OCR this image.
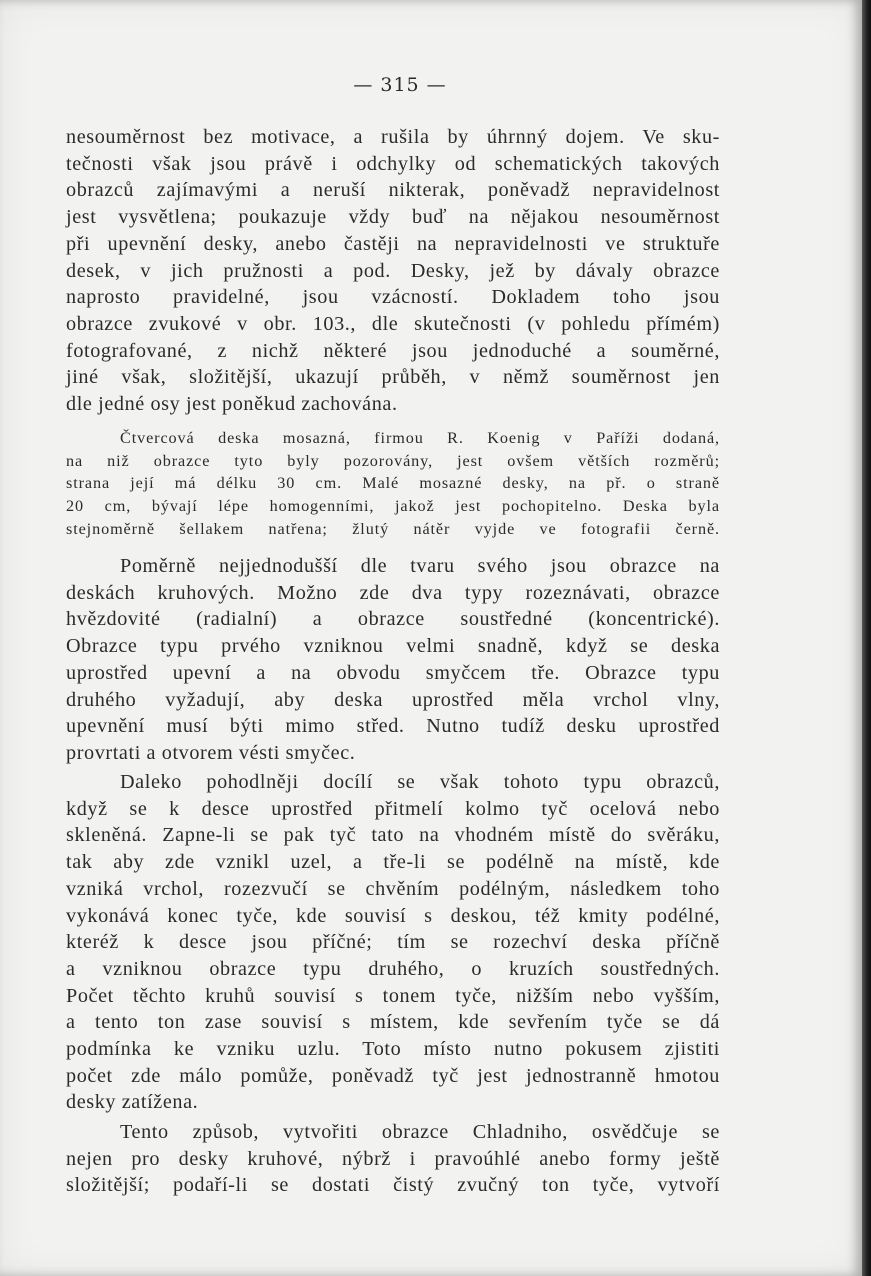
— 315 —
nesouměrnost bez motivace, a rušila by úhrnný dojem. Ve sku-
tečnosti však jsou právě i odchylky od schematických takových
obrazců zajímavými a neruší nikterak, poněvadž nepravidelnost
jest vysvětlena; poukazuje vždy buď na nějakou nesouměrnost
při upevnění desky, anebo častěji na nepravidelnosti ve struktuře
desek, v jich pružnosti a pod. Desky, jež by dávaly obrazce
naprosto pravidelné, jsou vzácností. Dokladem toho jsou
obrazce zvukové v obr. 103., dle skutečnosti (v pohledu přímém)
fotografované, z nichž některé jsou jednoduché a souměrné,
jiné však, složitější, ukazují průběh, v němž souměrnost jen
dle jedné osy jest poněkud zachována.
Čtvercová deska mosazná, firmou R. Koenig v Paříži dodaná,
na niž obrazce tyto byly pozorovány, jest ovšem větších rozměrů;
strana její má délku 30 cm. Malé mosazné desky, na př. o straně
20 cm, bývají lépe homogenními, jakož jest pochopitelno. Deska byla
stejnoměrně šellakem natřena; žlutý nátěr vyjde ve fotografii černě.
Poměrně nejjednodušší dle tvaru svého jsou obrazce na
deskách kruhových. Možno zde dva typy rozeznávati, obrazce
hvězdovité (radialní) a obrazce soustředné (koncentrické).
Obrazce typu prvého vzniknou velmi snadně, když se deska
uprostřed upevní a na obvodu smyčcem tře. Obrazce typu
druhého vyžadují, aby deska uprostřed měla vrchol vlny,
upevnění musí býti mimo střed. Nutno tudíž desku uprostřed
provrtati a otvorem vésti smyčec.
Daleko pohodlněji docílí se však tohoto typu obrazců,
když se k desce uprostřed přitmelí kolmo tyč ocelová nebo
skleněná. Zapne-li se pak tyč tato na vhodném místě do svěráku,
tak aby zde vznikl uzel, a tře-li se podélně na místě, kde
vzniká vrchol, rozezvučí se chvěním podélným, následkem toho
vykonává konec tyče, kde souvisí s deskou, též kmity podélné,
kteréž k desce jsou příčné; tím se rozechví deska příčně
a vzniknou obrazce typu druhého, o kruzích soustředných.
Počet těchto kruhů souvisí s tonem tyče, nižším nebo vyšším,
a tento ton zase souvisí s místem, kde sevřením tyče se dá
podmínka ke vzniku uzlu. Toto místo nutno pokusem zjistiti
počet zde málo pomůže, poněvadž tyč jest jednostranně hmotou
desky zatížena.
Tento způsob, vytvořiti obrazce Chladniho, osvědčuje se
nejen pro desky kruhové, nýbrž i pravoúhlé anebo formy ještě
složitější; podaří-li se dostati čistý zvučný ton tyče, vytvoří
